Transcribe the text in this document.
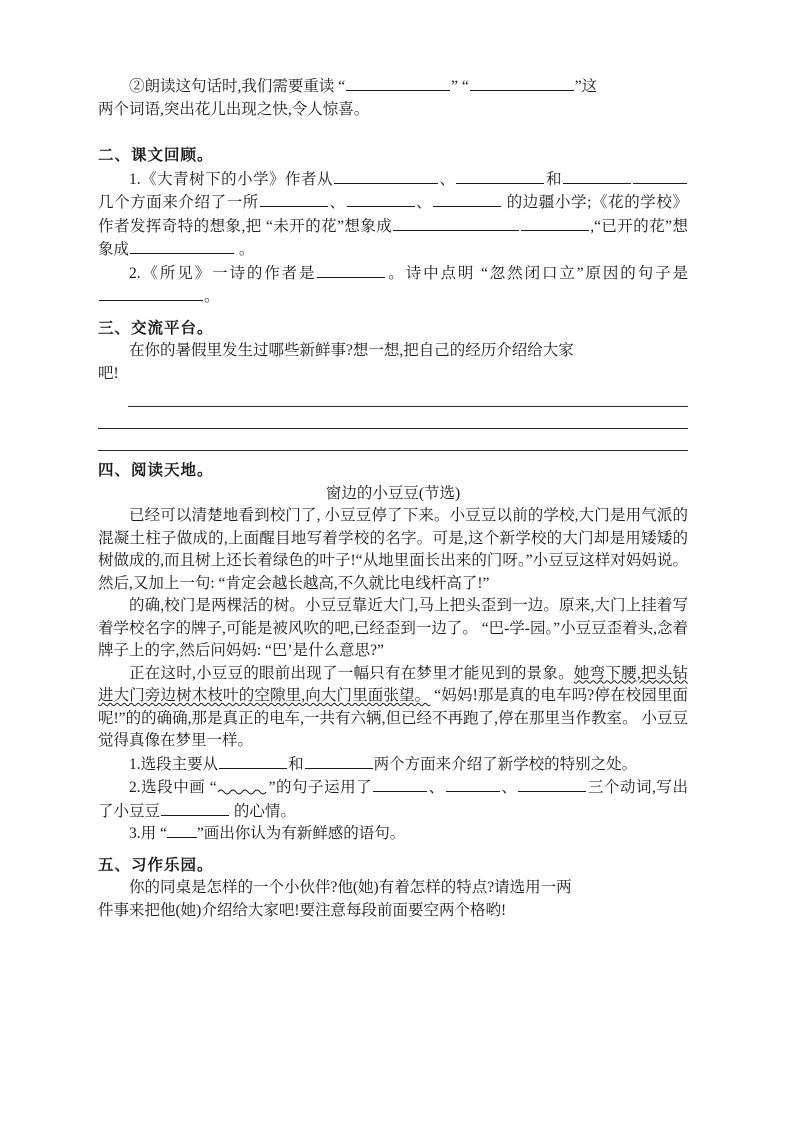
②朗读这句话时,我们需要重读 “	” “	”这
两个词语,突出花儿出现之快,令人惊喜。
二、课文回顾。
1.《大青树下的小学》作者从	、	和几个方面来介绍了一所	、	、	的边疆小学;《花的学校》作者发挥奇特的想象,把 “未开的花”想象成	,“已开的花”想象成	。
2.《所见》一诗的作者是	。诗中点明 “忽然闭口立”原因的句子是。
三、交流平台。
在你的暑假里发生过哪些新鲜事?想一想,把自己的经历介绍给大家
吧!
四、阅读天地。
窗边的小豆豆(节选)
已经可以清楚地看到校门了, 小豆豆停了下来。小豆豆以前的学校,大门是用气派的混凝土柱子做成的,上面醒目地写着学校的名字。可是,这个新学校的大门却是用矮矮的树做成的,而且树上还长着绿色的叶子!“从地里面长出来的门呀。”小豆豆这样对妈妈说。然后,又加上一句: “肯定会越长越高,不久就比电线杆高了!”
的确,校门是两棵活的树。小豆豆靠近大门,马上把头歪到一边。原来,大门上挂着写着学校名字的牌子,可能是被风吹的吧,已经歪到一边了。 “巴-学-园。”小豆豆歪着头,念着牌子上的字,然后问妈妈: “巴’是什么意思?”
正在这时,小豆豆的眼前出现了一幅只有在梦里才能见到的景象。她弯下腰,把头钻进大门旁边树木枝叶的空隙里,向大门里面张望。 “妈妈!那是真的电车吗?停在校园里面呢!”的的确确,那是真正的电车,一共有六辆,但已经不再跑了,停在那里当作教室。 小豆豆觉得真像在梦里一样。
1.选段主要从	和	两个方面来介绍了新学校的特别之处。
2.选段中画 “	”的句子运用了	、	、	三个动词,写出了小豆豆	的心情。
3.用 “ ”画出你认为有新鲜感的语句。
五、习作乐园。
你的同桌是怎样的一个小伙伴?他(她)有着怎样的特点?请选用一两
件事来把他(她)介绍给大家吧!要注意每段前面要空两个格哟!
